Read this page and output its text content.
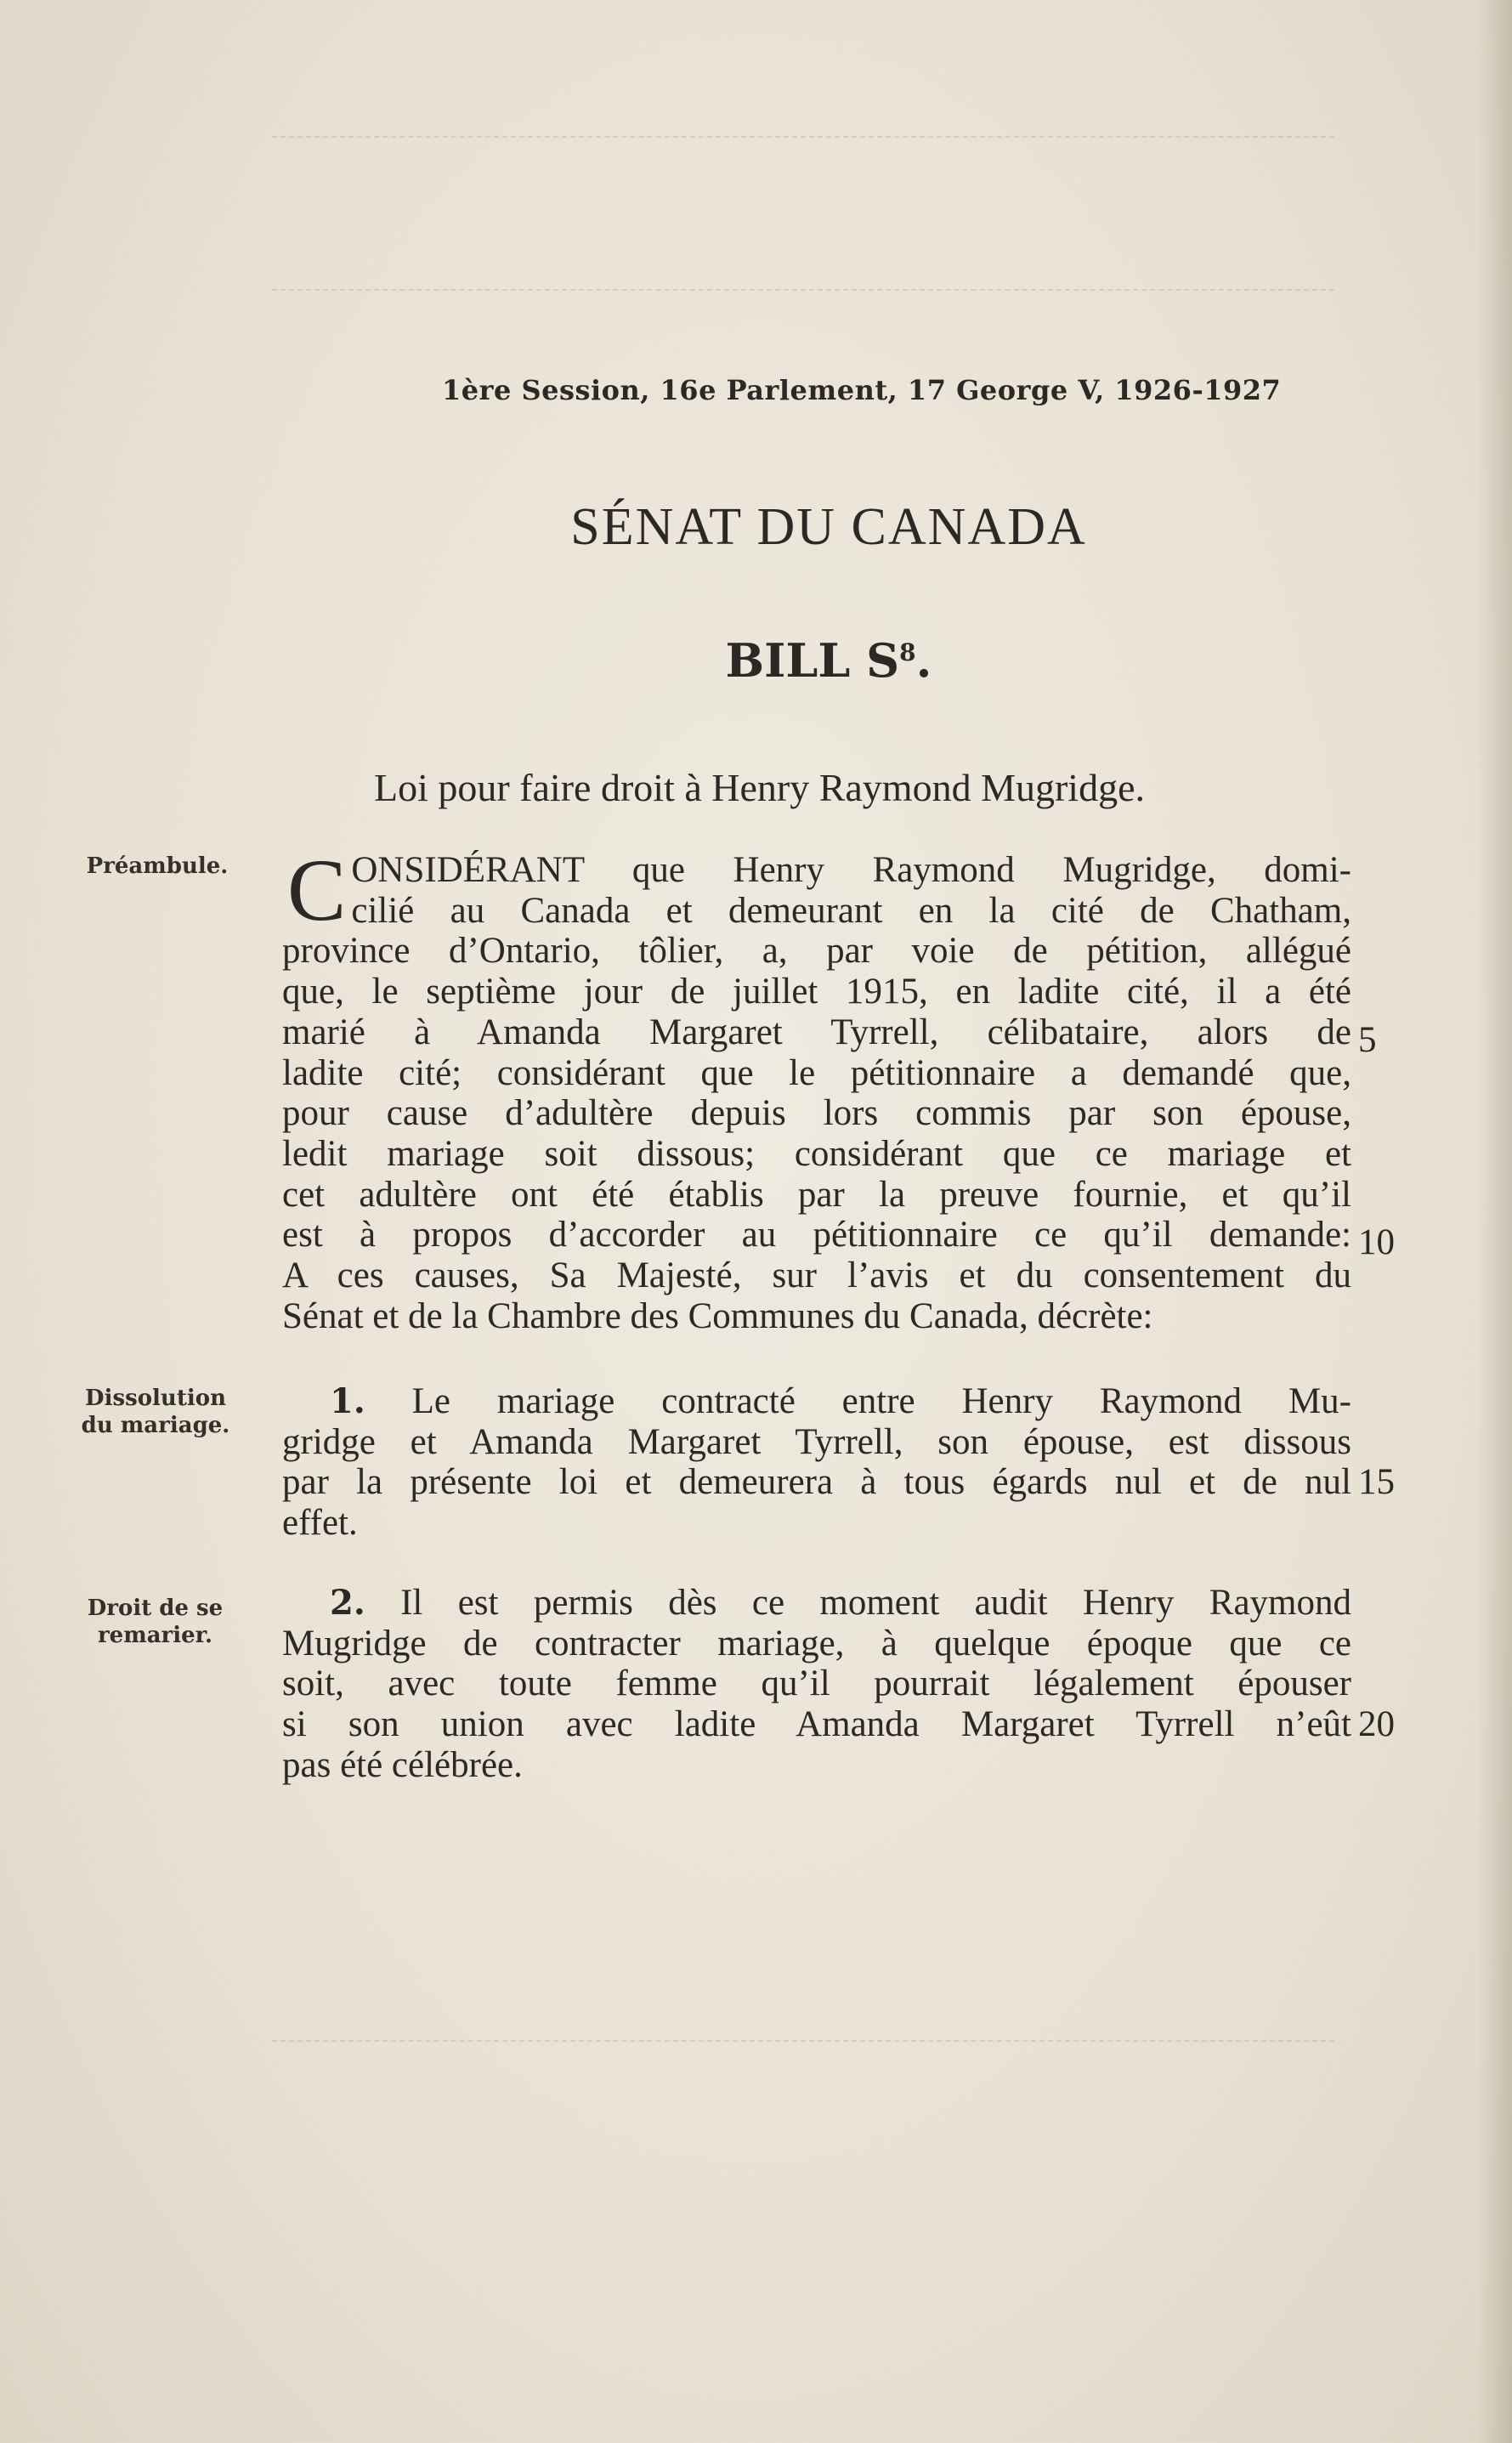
1ère Session, 16e Parlement, 17 George V, 1926-1927
SÉNAT DU CANADA
BILL $S^8$.
Loi pour faire droit à Henry Raymond Mugridge.
Préambule.
Dissolution du mariage.
Droit de se remarier.
C ONSIDÉRANT que Henry Raymond Mugridge, domi-
cilié au Canada et demeurant en la cité de Chatham,
province d’Ontario, tôlier, a, par voie de pétition, allégué
que, le septième jour de juillet 1915, en ladite cité, il a été
marié à Amanda Margaret Tyrrell, célibataire, alors de
ladite cité; considérant que le pétitionnaire a demandé que,
pour cause d’adultère depuis lors commis par son épouse,
ledit mariage soit dissous; considérant que ce mariage et
cet adultère ont été établis par la preuve fournie, et qu’il
est à propos d’accorder au pétitionnaire ce qu’il demande:
A ces causes, Sa Majesté, sur l’avis et du consentement du
Sénat et de la Chambre des Communes du Canada, décrète:
1. Le mariage contracté entre Henry Raymond Mu-
gridge et Amanda Margaret Tyrrell, son épouse, est dissous
par la présente loi et demeurera à tous égards nul et de nul
effet.
2. Il est permis dès ce moment audit Henry Raymond
Mugridge de contracter mariage, à quelque époque que ce
soit, avec toute femme qu’il pourrait légalement épouser
si son union avec ladite Amanda Margaret Tyrrell n’eût
pas été célébrée.
5
10
15
20
